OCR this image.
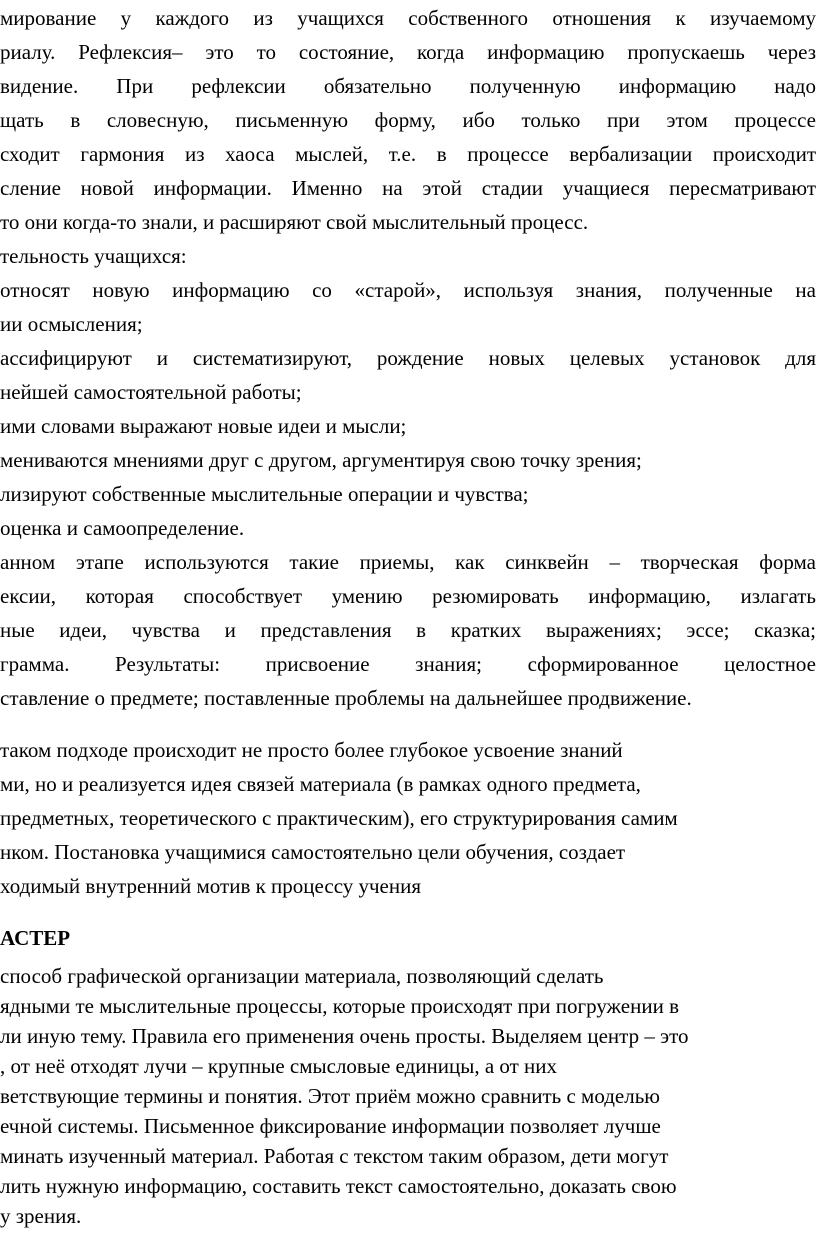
мирование у каждого из учащихся собственного отношения к изучаемому
риалу. Рефлексия– это то состояние, когда информацию пропускаешь через
видение. При рефлексии обязательно полученную информацию надо
щать в словесную, письменную форму, ибо только при этом процессе
сходит гармония из хаоса мыслей, т.е. в процессе вербализации происходит
сление новой информации. Именно на этой стадии учащиеся пересматривают
то они когда-то знали, и расширяют свой мыслительный процесс.
тельность учащихся:
относят новую информацию со «старой», используя знания, полученные на
ии осмысления;
ассифицируют и систематизируют, рождение новых целевых установок для
нейшей самостоятельной работы;
ими словами выражают новые идеи и мысли;
мениваются мнениями друг с другом, аргументируя свою точку зрения;
лизируют собственные мыслительные операции и чувства;
оценка и самоопределение.
анном этапе используются такие приемы, как синквейн – творческая форма
ексии, которая способствует умению резюмировать информацию, излагать
ные идеи, чувства и представления в кратких выражениях; эссе; сказка;
грамма. Результаты: присвоение знания; сформированное целостное
ставление о предмете; поставленные проблемы на дальнейшее продвижение.
таком подходе происходит не просто более глубокое усвоение знаний
ми, но и реализуется идея связей материала (в рамках одного предмета,
предметных, теоретического с практическим), его структурирования самим
нком. Постановка учащимися самостоятельно цели обучения, создает
ходимый внутренний мотив к процессу учения
АСТЕР
способ графической организации материала, позволяющий сделать
ядными те мыслительные процессы, которые происходят при погружении в
ли иную тему. Правила его применения очень просты. Выделяем центр – это
, от неё отходят лучи – крупные смысловые единицы, а от них
ветствующие термины и понятия. Этот приём можно сравнить с моделью
ечной системы. Письменное фиксирование информации позволяет лучше
минать изученный материал. Работая с текстом таким образом, дети могут
лить нужную информацию, составить текст самостоятельно, доказать свою
у зрения.
